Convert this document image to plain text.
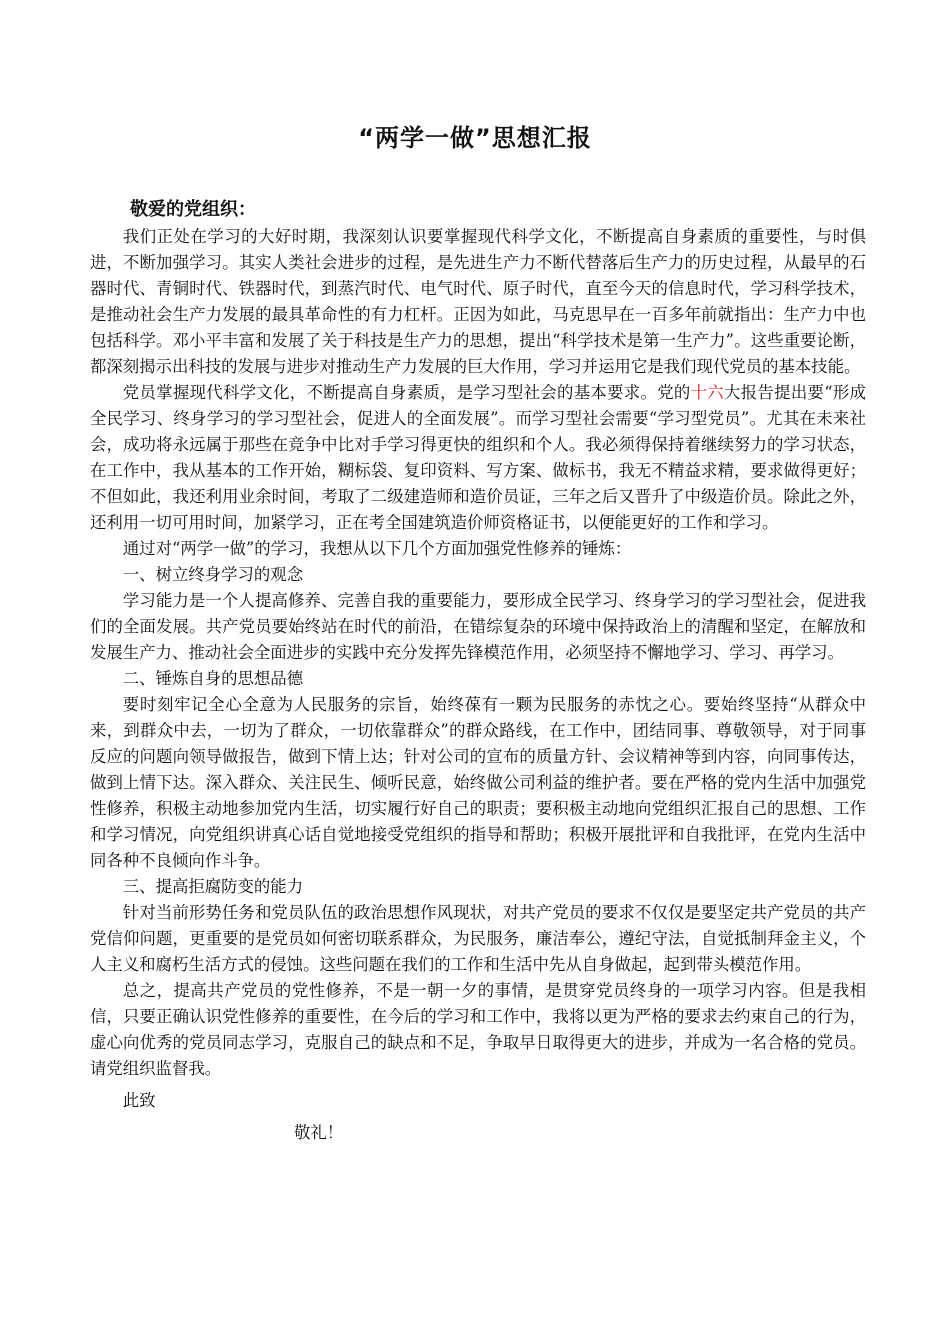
“两学一做”思想汇报

敬爱的党组织：

我们正处在学习的大好时期，我深刻认识要掌握现代科学文化，不断提高自身素质的重要性，与时俱进，不断加强学习。其实人类社会进步的过程，是先进生产力不断代替落后生产力的历史过程，从最早的石器时代、青铜时代、铁器时代，到蒸汽时代、电气时代、原子时代，直至今天的信息时代，学习科学技术，是推动社会生产力发展的最具革命性的有力杠杆。正因为如此，马克思早在一百多年前就指出：生产力中也包括科学。邓小平丰富和发展了关于科技是生产力的思想，提出“科学技术是第一生产力”。这些重要论断，都深刻揭示出科技的发展与进步对推动生产力发展的巨大作用，学习并运用它是我们现代党员的基本技能。

党员掌握现代科学文化，不断提高自身素质，是学习型社会的基本要求。党的十六大报告提出要“形成全民学习、终身学习的学习型社会，促进人的全面发展”。而学习型社会需要“学习型党员”。尤其在未来社会，成功将永远属于那些在竞争中比对手学习得更快的组织和个人。我必须得保持着继续努力的学习状态，在工作中，我从基本的工作开始，糊标袋、复印资料、写方案、做标书，我无不精益求精，要求做得更好；不但如此，我还利用业余时间，考取了二级建造师和造价员证，三年之后又晋升了中级造价员。除此之外，还利用一切可用时间，加紧学习，正在考全国建筑造价师资格证书，以便能更好的工作和学习。

通过对“两学一做”的学习，我想从以下几个方面加强党性修养的锤炼：

一、树立终身学习的观念

学习能力是一个人提高修养、完善自我的重要能力，要形成全民学习、终身学习的学习型社会，促进我们的全面发展。共产党员要始终站在时代的前沿，在错综复杂的环境中保持政治上的清醒和坚定，在解放和发展生产力、推动社会全面进步的实践中充分发挥先锋模范作用，必须坚持不懈地学习、学习、再学习。

二、锤炼自身的思想品德

要时刻牢记全心全意为人民服务的宗旨，始终葆有一颗为民服务的赤忱之心。要始终坚持“从群众中来，到群众中去，一切为了群众，一切依靠群众”的群众路线，在工作中，团结同事、尊敬领导，对于同事反应的问题向领导做报告，做到下情上达；针对公司的宣布的质量方针、会议精神等到内容，向同事传达，做到上情下达。深入群众、关注民生、倾听民意，始终做公司利益的维护者。要在严格的党内生活中加强党性修养，积极主动地参加党内生活，切实履行好自己的职责；要积极主动地向党组织汇报自己的思想、工作和学习情况，向党组织讲真心话自觉地接受党组织的指导和帮助；积极开展批评和自我批评，在党内生活中同各种不良倾向作斗争。

三、提高拒腐防变的能力

针对当前形势任务和党员队伍的政治思想作风现状，对共产党员的要求不仅仅是要坚定共产党员的共产党信仰问题，更重要的是党员如何密切联系群众，为民服务，廉洁奉公，遵纪守法，自觉抵制拜金主义，个人主义和腐朽生活方式的侵蚀。这些问题在我们的工作和生活中先从自身做起，起到带头模范作用。

总之，提高共产党员的党性修养，不是一朝一夕的事情，是贯穿党员终身的一项学习内容。但是我相信，只要正确认识党性修养的重要性，在今后的学习和工作中，我将以更为严格的要求去约束自己的行为，虚心向优秀的党员同志学习，克服自己的缺点和不足，争取早日取得更大的进步，并成为一名合格的党员。请党组织监督我。

此致

敬礼！
